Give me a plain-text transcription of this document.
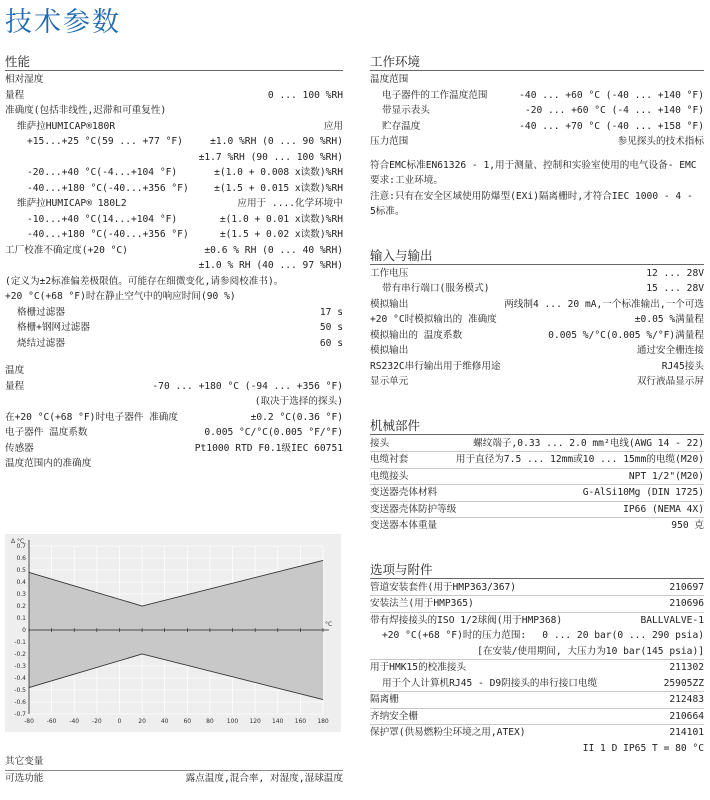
技术参数
性能
相对湿度
量程	0 ... 100 %RH
准确度(包括非线性,迟滞和可重复性)
维萨拉HUMICAP®180R	应用
+15...+25 °C(59 ... +77 °F)	±1.0 %RH (0 ... 90 %RH)
±1.7 %RH (90 ... 100 %RH)
-20...+40 °C(-4...+104 °F)	±(1.0 + 0.008 x读数)%RH
-40...+180 °C(-40...+356 °F)	±(1.5 + 0.015 x读数)%RH
维萨拉HUMICAP® 180L2	应用于 ....化学环境中
-10...+40 °C(14...+104 °F)	±(1.0 + 0.01 x读数)%RH
-40...+180 °C(-40...+356 °F)	±(1.5 + 0.02 x读数)%RH
工厂校准不确定度(+20 °C)	±0.6 % RH (0 ... 40 %RH)
±1.0 % RH (40 ... 97 %RH)
(定义为±2标准偏差极限值。可能存在细微变化,请参阅校准书)。
+20 °C(+68 °F)时在静止空气中的响应时间(90 %)
格栅过滤器	17 s
格栅+钢网过滤器	50 s
烧结过滤器	60 s
温度
量程	-70 ... +180 °C (-94 ... +356 °F)
(取决于选择的探头)
在+20 °C(+68 °F)时电子器件 准确度	±0.2 °C(0.36 °F)
电子器件 温度系数	0.005 °C/°C(0.005 °F/°F)
传感器	Pt1000 RTD F0.1级IEC 60751
温度范围内的准确度
0.7
0.6
0.5
0.4
0.3
0.2
0.1
0
-0.1
-0.2
-0.3
-0.4
-0.5
-0.6
-0.7
-80 -60 -40 -20	0	20 40 60 80 100 120 140 160 180
Δ °C
°C
其它变量
可选功能	露点温度,混合率, 对湿度,湿球温度
工作环境
温度范围
电子器件的工作温度范围	-40 ... +60 °C (-40 ... +140 °F)
带显示表头	-20 ... +60 °C (-4 ... +140 °F)
贮存温度	-40 ... +70 °C (-40 ... +158 °F)
压力范围	参见探头的技术指标
符合EMC标准EN61326 - 1,用于测量、控制和实验室使用的电气设备- EMC要求:工业环境。
注意:只有在安全区域使用防爆型(EXi)隔离栅时,才符合IEC 1000 - 4 - 5标准。
输入与输出
工作电压	12 ... 28V
带有串行端口(服务模式)	15 ... 28V
模拟输出	两线制4 ... 20 mA,一个标准输出,一个可选
+20 °C时模拟输出的 准确度	±0.05 %满量程
模拟输出的 温度系数	0.005 %/°C(0.005 %/°F)满量程
模拟输出	通过安全栅连接
RS232C串行输出用于维修用途	RJ45接头
显示单元	双行液晶显示屏
机械部件
接头	螺纹端子,0.33 ... 2.0 mm²电线(AWG 14 - 22)
电缆衬套	用于直径为7.5 ... 12mm或10 ... 15mm的电缆(M20)
电缆接头	NPT 1/2"(M20)
变送器壳体材料	G-AlSi10Mg (DIN 1725)
变送器壳体防护等级	IP66 (NEMA 4X)
变送器本体重量	950 克
选项与附件
管道安装套件(用于HMP363/367)	210697
安装法兰(用于HMP365)	210696
带有焊接接头的ISO 1/2球阀(用于HMP368)	BALLVALVE-1
+20 °C(+68 °F)时的压力范围: 0 ... 20 bar(0 ... 290 psia)
[在安装/使用期间, 大压力为10 bar(145 psia)]
用于HMK15的校准接头	211302
用于个人计算机RJ45 - D9阴接头的串行接口电缆	25905ZZ
隔离栅	212483
齐纳安全栅	210664
保护罩(供易燃粉尘环境之用,ATEX)	214101
II 1 D IP65 T = 80 °C
